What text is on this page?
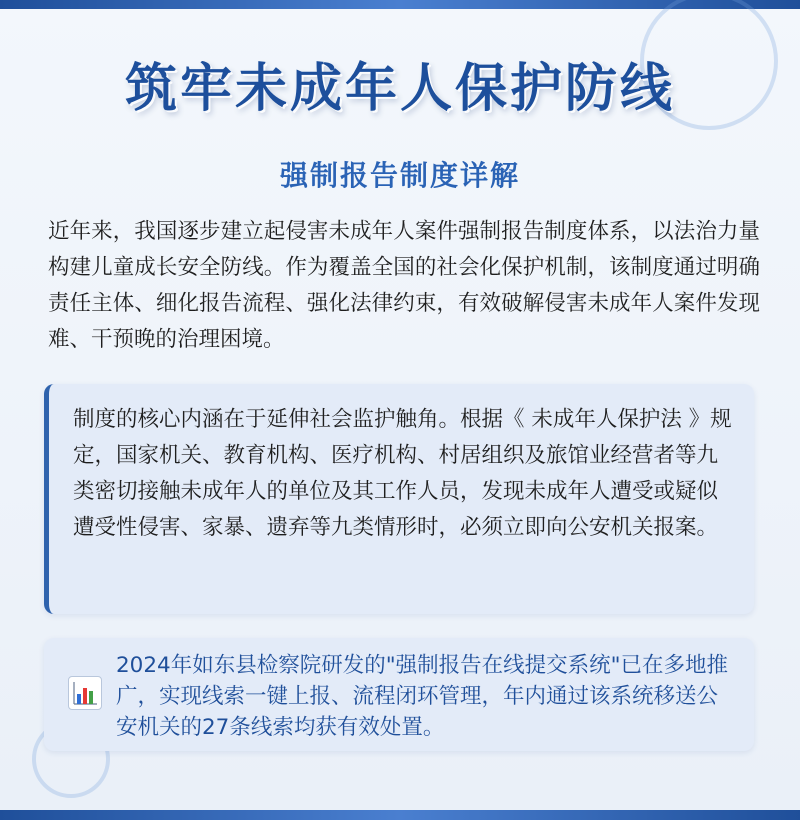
筑牢未成年人保护防线
强制报告制度详解
近年来，我国逐步建立起侵害未成年人案件强制报告制度体系，以法治力量构建儿童成长安全防线。作为覆盖全国的社会化保护机制，该制度通过明确责任主体、细化报告流程、强化法律约束，有效破解侵害未成年人案件发现难、干预晚的治理困境。
制度的核心内涵在于延伸社会监护触角。根据《 未成年人保护法 》规定，国家机关、教育机构、医疗机构、村居组织及旅馆业经营者等九类密切接触未成年人的单位及其工作人员，发现未成年人遭受或疑似遭受性侵害、家暴、遗弃等九类情形时，必须立即向公安机关报案。
2024年如东县检察院研发的"强制报告在线提交系统"已在多地推广，实现线索一键上报、流程闭环管理，年内通过该系统移送公安机关的27条线索均获有效处置。
